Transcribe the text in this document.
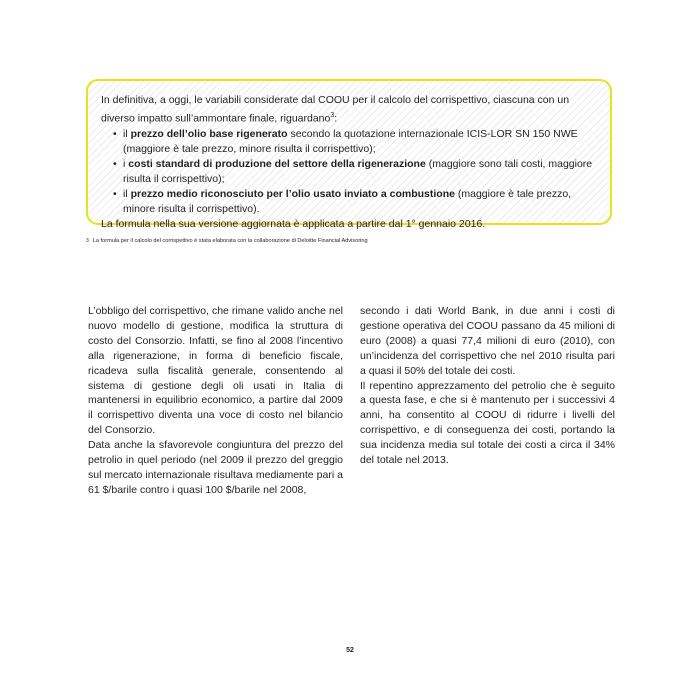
In definitiva, a oggi, le variabili considerate dal COOU per il calcolo del corrispettivo, ciascuna con un diverso impatto sull’ammontare finale, riguardano$^3$:

• il prezzo dell’olio base rigenerato secondo la quotazione internazionale ICIS-LOR SN 150 NWE (maggiore è tale prezzo, minore risulta il corrispettivo);
• i costi standard di produzione del settore della rigenerazione (maggiore sono tali costi, maggiore risulta il corrispettivo);
• il prezzo medio riconosciuto per l’olio usato inviato a combustione (maggiore è tale prezzo, minore risulta il corrispettivo).

La formula nella sua versione aggiornata è applicata a partire dal 1° gennaio 2016.

$^3$ La formula per il calcolo del corrispettivo è stata elaborata con la collaborazione di Deloitte Financial Advisoring

L’obbligo del corrispettivo, che rimane valido anche nel nuovo modello di gestione, modifica la struttura di costo del Consorzio. Infatti, se fino al 2008 l’incentivo alla rigenerazione, in forma di beneficio fiscale, ricadeva sulla fiscalità generale, consentendo al sistema di gestione degli oli usati in Italia di mantenersi in equilibrio economico, a partire dal 2009 il corrispettivo diventa una voce di costo nel bilancio del Consorzio.

Data anche la sfavorevole congiuntura del prezzo del petrolio in quel periodo (nel 2009 il prezzo del greggio sul mercato internazionale risultava mediamente pari a 61 $/barile contro i quasi 100 $/barile nel 2008,

secondo i dati World Bank, in due anni i costi di gestione operativa del COOU passano da 45 milioni di euro (2008) a quasi 77,4 milioni di euro (2010), con un’incidenza del corrispettivo che nel 2010 risulta pari a quasi il 50% del totale dei costi.

Il repentino apprezzamento del petrolio che è seguito a questa fase, e che si è mantenuto per i successivi 4 anni, ha consentito al COOU di ridurre i livelli del corrispettivo, e di conseguenza dei costi, portando la sua incidenza media sul totale dei costi a circa il 34% del totale nel 2013.

52
